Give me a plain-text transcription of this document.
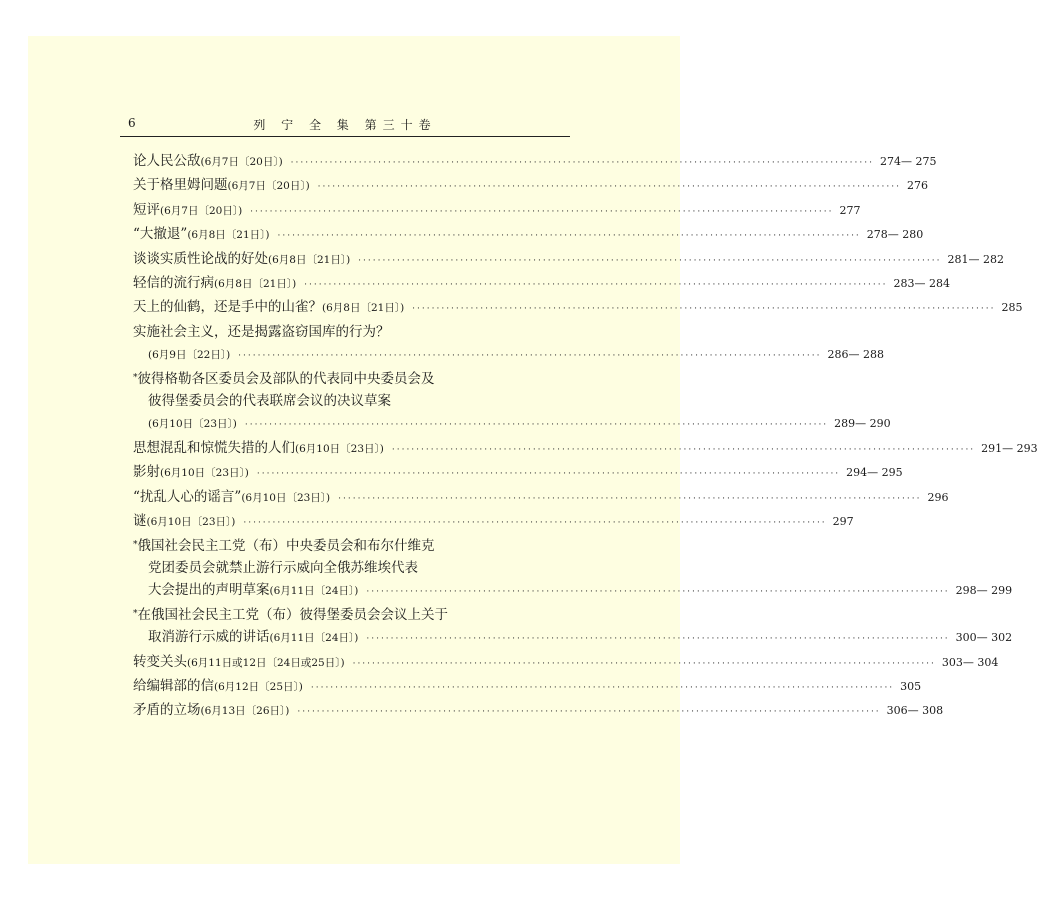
6	列 宁 全 集 第三十卷
论人民公敌(6月7日〔20日〕) ························································································································ 274— 275
关于格里姆问题(6月7日〔20日〕) ························································································································ 276
短评(6月7日〔20日〕) ························································································································ 277
“大撤退”(6月8日〔21日〕) ························································································································ 278— 280
谈谈实质性论战的好处(6月8日〔21日〕) ························································································································ 281— 282
轻信的流行病(6月8日〔21日〕) ························································································································ 283— 284
天上的仙鹤，还是手中的山雀？(6月8日〔21日〕) ························································································································ 285
实施社会主义，还是揭露盗窃国库的行为？
(6月9日〔22日〕) ························································································································ 286— 288
*彼得格勒各区委员会及部队的代表同中央委员会及
彼得堡委员会的代表联席会议的决议草案
(6月10日〔23日〕) ························································································································ 289— 290
思想混乱和惊慌失措的人们(6月10日〔23日〕) ························································································································ 291— 293
影射(6月10日〔23日〕) ························································································································ 294— 295
“扰乱人心的谣言”(6月10日〔23日〕) ························································································································ 296
谜(6月10日〔23日〕) ························································································································ 297
*俄国社会民主工党（布）中央委员会和布尔什维克
党团委员会就禁止游行示威向全俄苏维埃代表
大会提出的声明草案(6月11日〔24日〕) ························································································································ 298— 299
*在俄国社会民主工党（布）彼得堡委员会会议上关于
取消游行示威的讲话(6月11日〔24日〕) ························································································································ 300— 302
转变关头(6月11日或12日〔24日或25日〕) ························································································································ 303— 304
给编辑部的信(6月12日〔25日〕) ························································································································ 305
矛盾的立场(6月13日〔26日〕) ························································································································ 306— 308
